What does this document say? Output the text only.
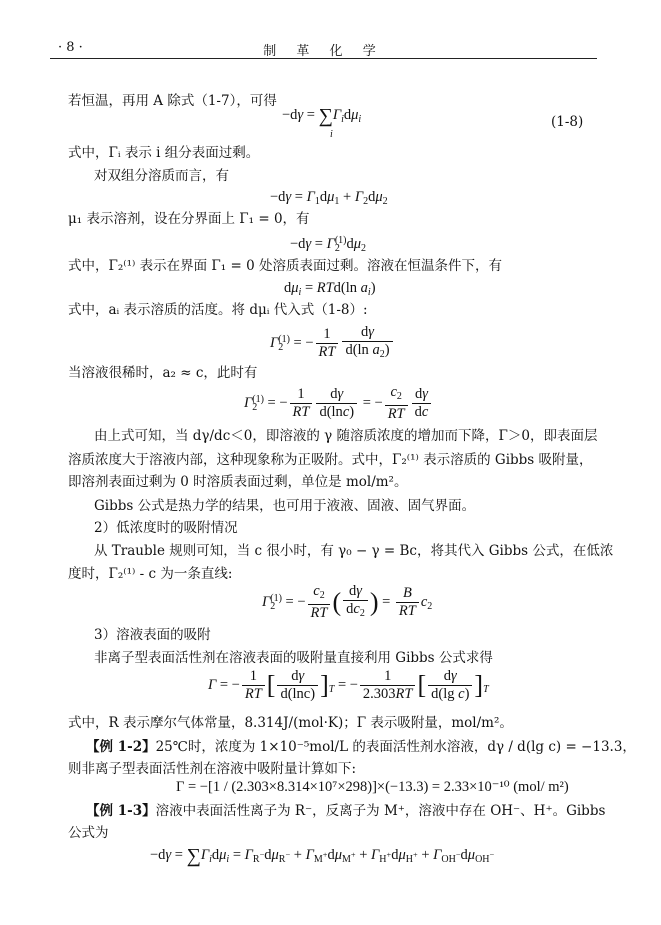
· 8 ·	制 革 化 学
若恒温，再用 A 除式（1-7），可得
$-d\gamma = \sum\Gamma_id\mu_i$	(1-8)
i
式中，Γᵢ 表示 i 组分表面过剩。
对双组分溶质而言，有
$-d\gamma = \Gamma_1d\mu_1 + \Gamma_2d\mu_2$
μ₁ 表示溶剂，设在分界面上 Γ₁ = 0，有
$-d\gamma = \Gamma_2^{(1)}d\mu_2$
式中，Γ₂⁽¹⁾ 表示在界面 Γ₁ = 0 处溶质表面过剩。溶液在恒温条件下，有
$d\mu_i = RTd(\ln$ $a_i$)
式中，aᵢ 表示溶质的活度。将 dμᵢ 代入式（1-8）:
$\Gamma_2^{(1)}$ = − $\frac{1}{RT} \frac{d\gamma}{d(\ln a_2)}$
当溶液很稀时，a₂ ≈ c，此时有
$\Gamma_2^{(1)}$ = − $\frac{1}{RT} \frac{d\gamma}{d(\ln c)}$ = − $\frac{c_2}{RT} \frac{d\gamma}{dc}$
由上式可知，当 dγ/dc＜0，即溶液的 γ 随溶质浓度的增加而下降，Γ＞0，即表面层
溶质浓度大于溶液内部，这种现象称为正吸附。式中，Γ₂⁽¹⁾ 表示溶质的 Gibbs 吸附量，
即溶剂表面过剩为 0 时溶质表面过剩，单位是 mol/m²。
Gibbs 公式是热力学的结果，也可用于液液、固液、固气界面。
2）低浓度时的吸附情况
从 Trauble 规则可知，当 c 很小时，有 γ₀ − γ = Bc，将其代入 Gibbs 公式，在低浓
度时，Γ₂⁽¹⁾ - c 为一条直线:
$\Gamma_2^{(1)}$ = − $\frac{c_2}{RT}$ ( $\frac{d\gamma}{dc_2}$ ) = $\frac{B}{RT} c_2$
3）溶液表面的吸附
非离子型表面活性剂在溶液表面的吸附量直接利用 Gibbs 公式求得
Γ = − $\frac{1}{RT}$ [ $\frac{d\gamma}{d(\ln c)} ]_T$ = − $\frac{1}{2.303RT}$ [ $\frac{d\gamma}{\text{d(lg c)}} ]_T$
式中，R 表示摩尔气体常量，8.314J/(mol·K)；Γ 表示吸附量，mol/m²。
【例 1-2】25℃时，浓度为 1×10⁻⁵mol/L 的表面活性剂水溶液，dγ / d(lg c) = −13.3，
则非离子型表面活性剂在溶液中吸附量计算如下:
Γ = −[1 / (2.303×8.314×10⁷×298)]×(−13.3) = 2.33×10⁻¹⁰ (mol/ m²)
【例 1-3】溶液中表面活性离子为 R⁻，反离子为 M⁺，溶液中存在 OH⁻、H⁺。Gibbs
公式为
$-d\gamma = \sum\Gamma_id\mu_i = \Gamma_{R^-}d\mu_{R^-} + \Gamma_{M^+}d\mu_{M^+} + \Gamma_{H^+}d\mu_{H^+} + \Gamma_{OH^-}d\mu_{OH^-}$
